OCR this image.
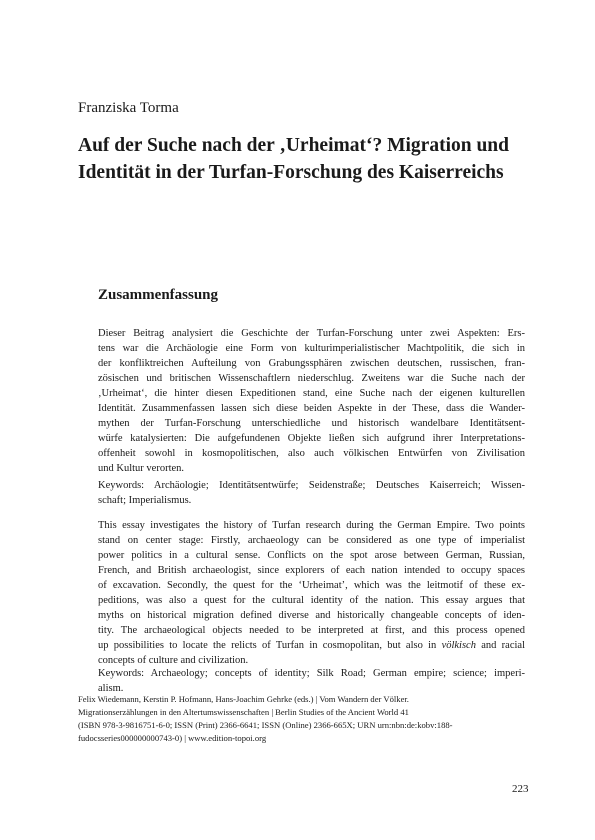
Franziska Torma
Auf der Suche nach der ‚Urheimat‘? Migration und
Identität in der Turfan-Forschung des Kaiserreichs
Zusammenfassung
Dieser Beitrag analysiert die Geschichte der Turfan-Forschung unter zwei Aspekten: Ers-
tens war die Archäologie eine Form von kulturimperialistischer Machtpolitik, die sich in
der konfliktreichen Aufteilung von Grabungssphären zwischen deutschen, russischen, fran-
zösischen und britischen Wissenschaftlern niederschlug. Zweitens war die Suche nach der
‚Urheimat‘, die hinter diesen Expeditionen stand, eine Suche nach der eigenen kulturellen
Identität. Zusammenfassen lassen sich diese beiden Aspekte in der These, dass die Wander-
mythen der Turfan-Forschung unterschiedliche und historisch wandelbare Identitätsent-
würfe katalysierten: Die aufgefundenen Objekte ließen sich aufgrund ihrer Interpretations-
offenheit sowohl in kosmopolitischen, also auch völkischen Entwürfen von Zivilisation
und Kultur verorten.
Keywords: Archäologie; Identitätsentwürfe; Seidenstraße; Deutsches Kaiserreich; Wissen-
schaft; Imperialismus.
This essay investigates the history of Turfan research during the German Empire. Two points
stand on center stage: Firstly, archaeology can be considered as one type of imperialist
power politics in a cultural sense. Conflicts on the spot arose between German, Russian,
French, and British archaeologist, since explorers of each nation intended to occupy spaces
of excavation. Secondly, the quest for the ‘Urheimat’, which was the leitmotif of these ex-
peditions, was also a quest for the cultural identity of the nation. This essay argues that
myths on historical migration defined diverse and historically changeable concepts of iden-
tity. The archaeological objects needed to be interpreted at first, and this process opened
up possibilities to locate the relicts of Turfan in cosmopolitan, but also in völkisch and racial
concepts of culture and civilization.
Keywords: Archaeology; concepts of identity; Silk Road; German empire; science; imperi-
alism.
Felix Wiedemann, Kerstin P. Hofmann, Hans-Joachim Gehrke (eds.) | Vom Wandern der Völker.
Migrationserzählungen in den Altertumswissenschaften | Berlin Studies of the Ancient World 41
(ISBN 978-3-9816751-6-0; ISSN (Print) 2366-6641; ISSN (Online) 2366-665X; URN urn:nbn:de:kobv:188-
fudocsseries000000000743-0) | www.edition-topoi.org
223
